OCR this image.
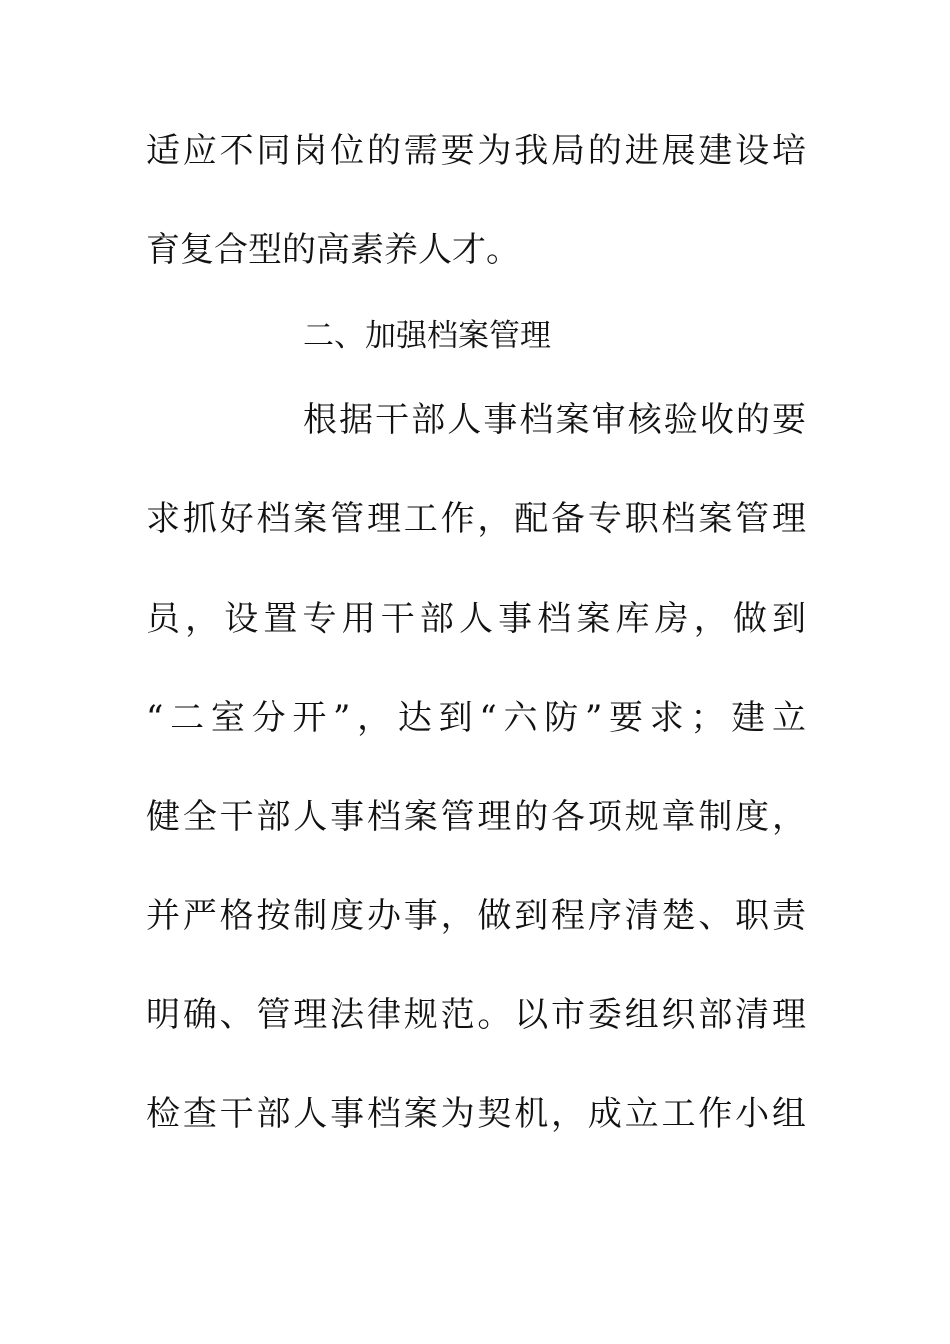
适应不同岗位的需要为我局的进展建设培
育复合型的高素养人才。
二、加强档案管理
根据干部人事档案审核验收的要
求抓好档案管理工作，配备专职档案管理
员，设置专用干部人事档案库房，做到
“二室分开”，达到“六防”要求；建立
健全干部人事档案管理的各项规章制度，
并严格按制度办事，做到程序清楚、职责
明确、管理法律规范。以市委组织部清理
检查干部人事档案为契机，成立工作小组
